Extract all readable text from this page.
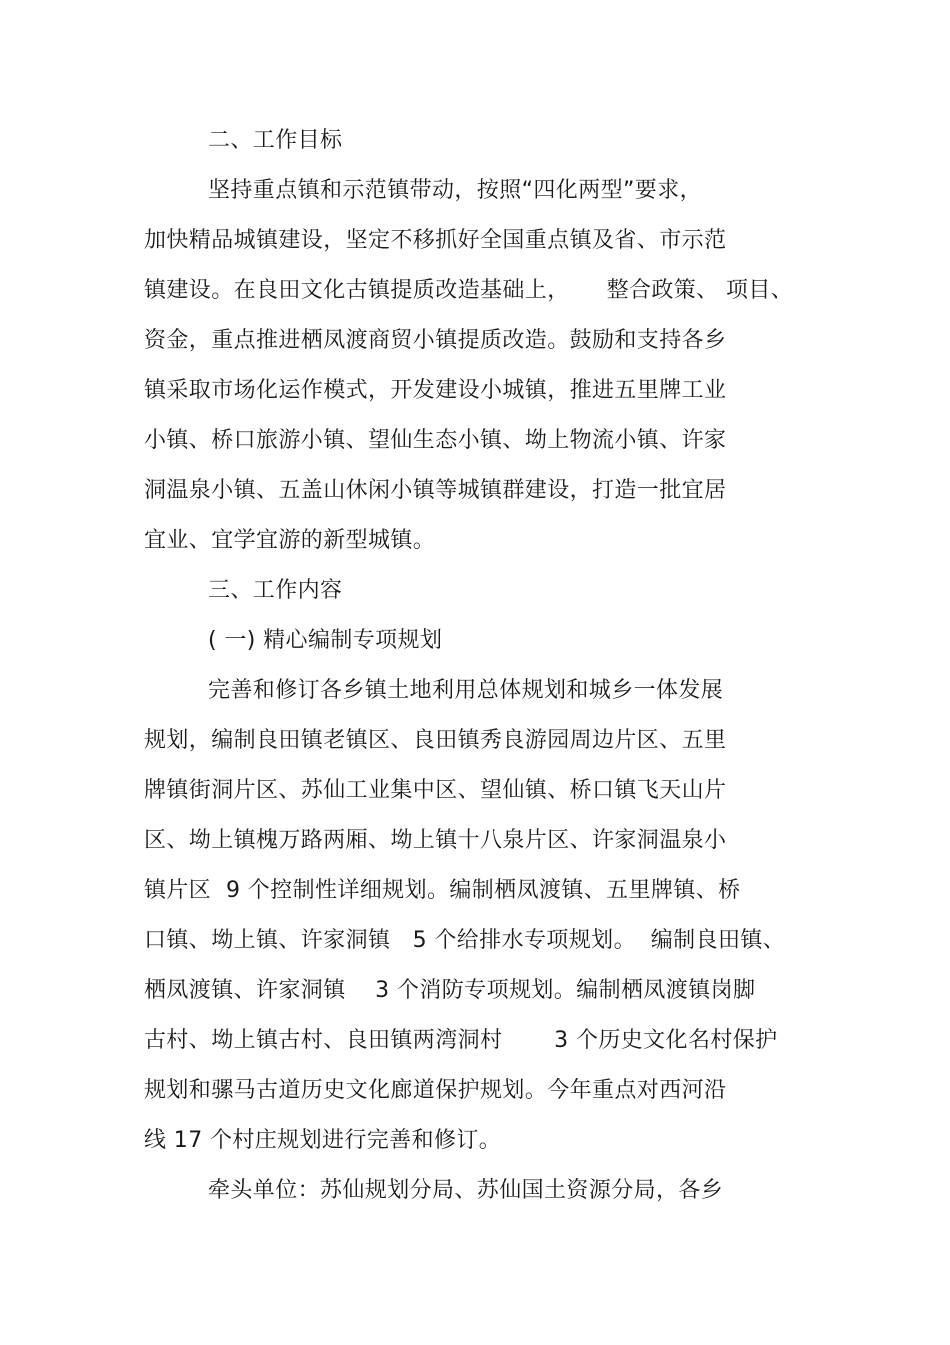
二、工作目标

坚持重点镇和示范镇带动，按照“四化两型”要求，

加快精品城镇建设，坚定不移抓好全国重点镇及省、市示范

镇建设。在良田文化古镇提质改造基础上，     整合政策、 项目、

资金，重点推进栖凤渡商贸小镇提质改造。鼓励和支持各乡

镇采取市场化运作模式，开发建设小城镇，推进五里牌工业

小镇、桥口旅游小镇、望仙生态小镇、坳上物流小镇、许家

洞温泉小镇、五盖山休闲小镇等城镇群建设，打造一批宜居

宜业、宜学宜游的新型城镇。

三、工作内容

( 一) 精心编制专项规划

完善和修订各乡镇土地利用总体规划和城乡一体发展

规划，编制良田镇老镇区、良田镇秀良游园周边片区、五里

牌镇街洞片区、苏仙工业集中区、望仙镇、桥口镇飞天山片

区、坳上镇槐万路两厢、坳上镇十八泉片区、许家洞温泉小

镇片区  9 个控制性详细规划。编制栖凤渡镇、五里牌镇、桥

口镇、坳上镇、许家洞镇   5 个给排水专项规划。  编制良田镇、

栖凤渡镇、许家洞镇    3 个消防专项规划。编制栖凤渡镇岗脚

古村、坳上镇古村、良田镇两湾洞村       3 个历史文化名村保护

规划和骡马古道历史文化廊道保护规划。今年重点对西河沿

线 17 个村庄规划进行完善和修订。

牵头单位：苏仙规划分局、苏仙国土资源分局，各乡
